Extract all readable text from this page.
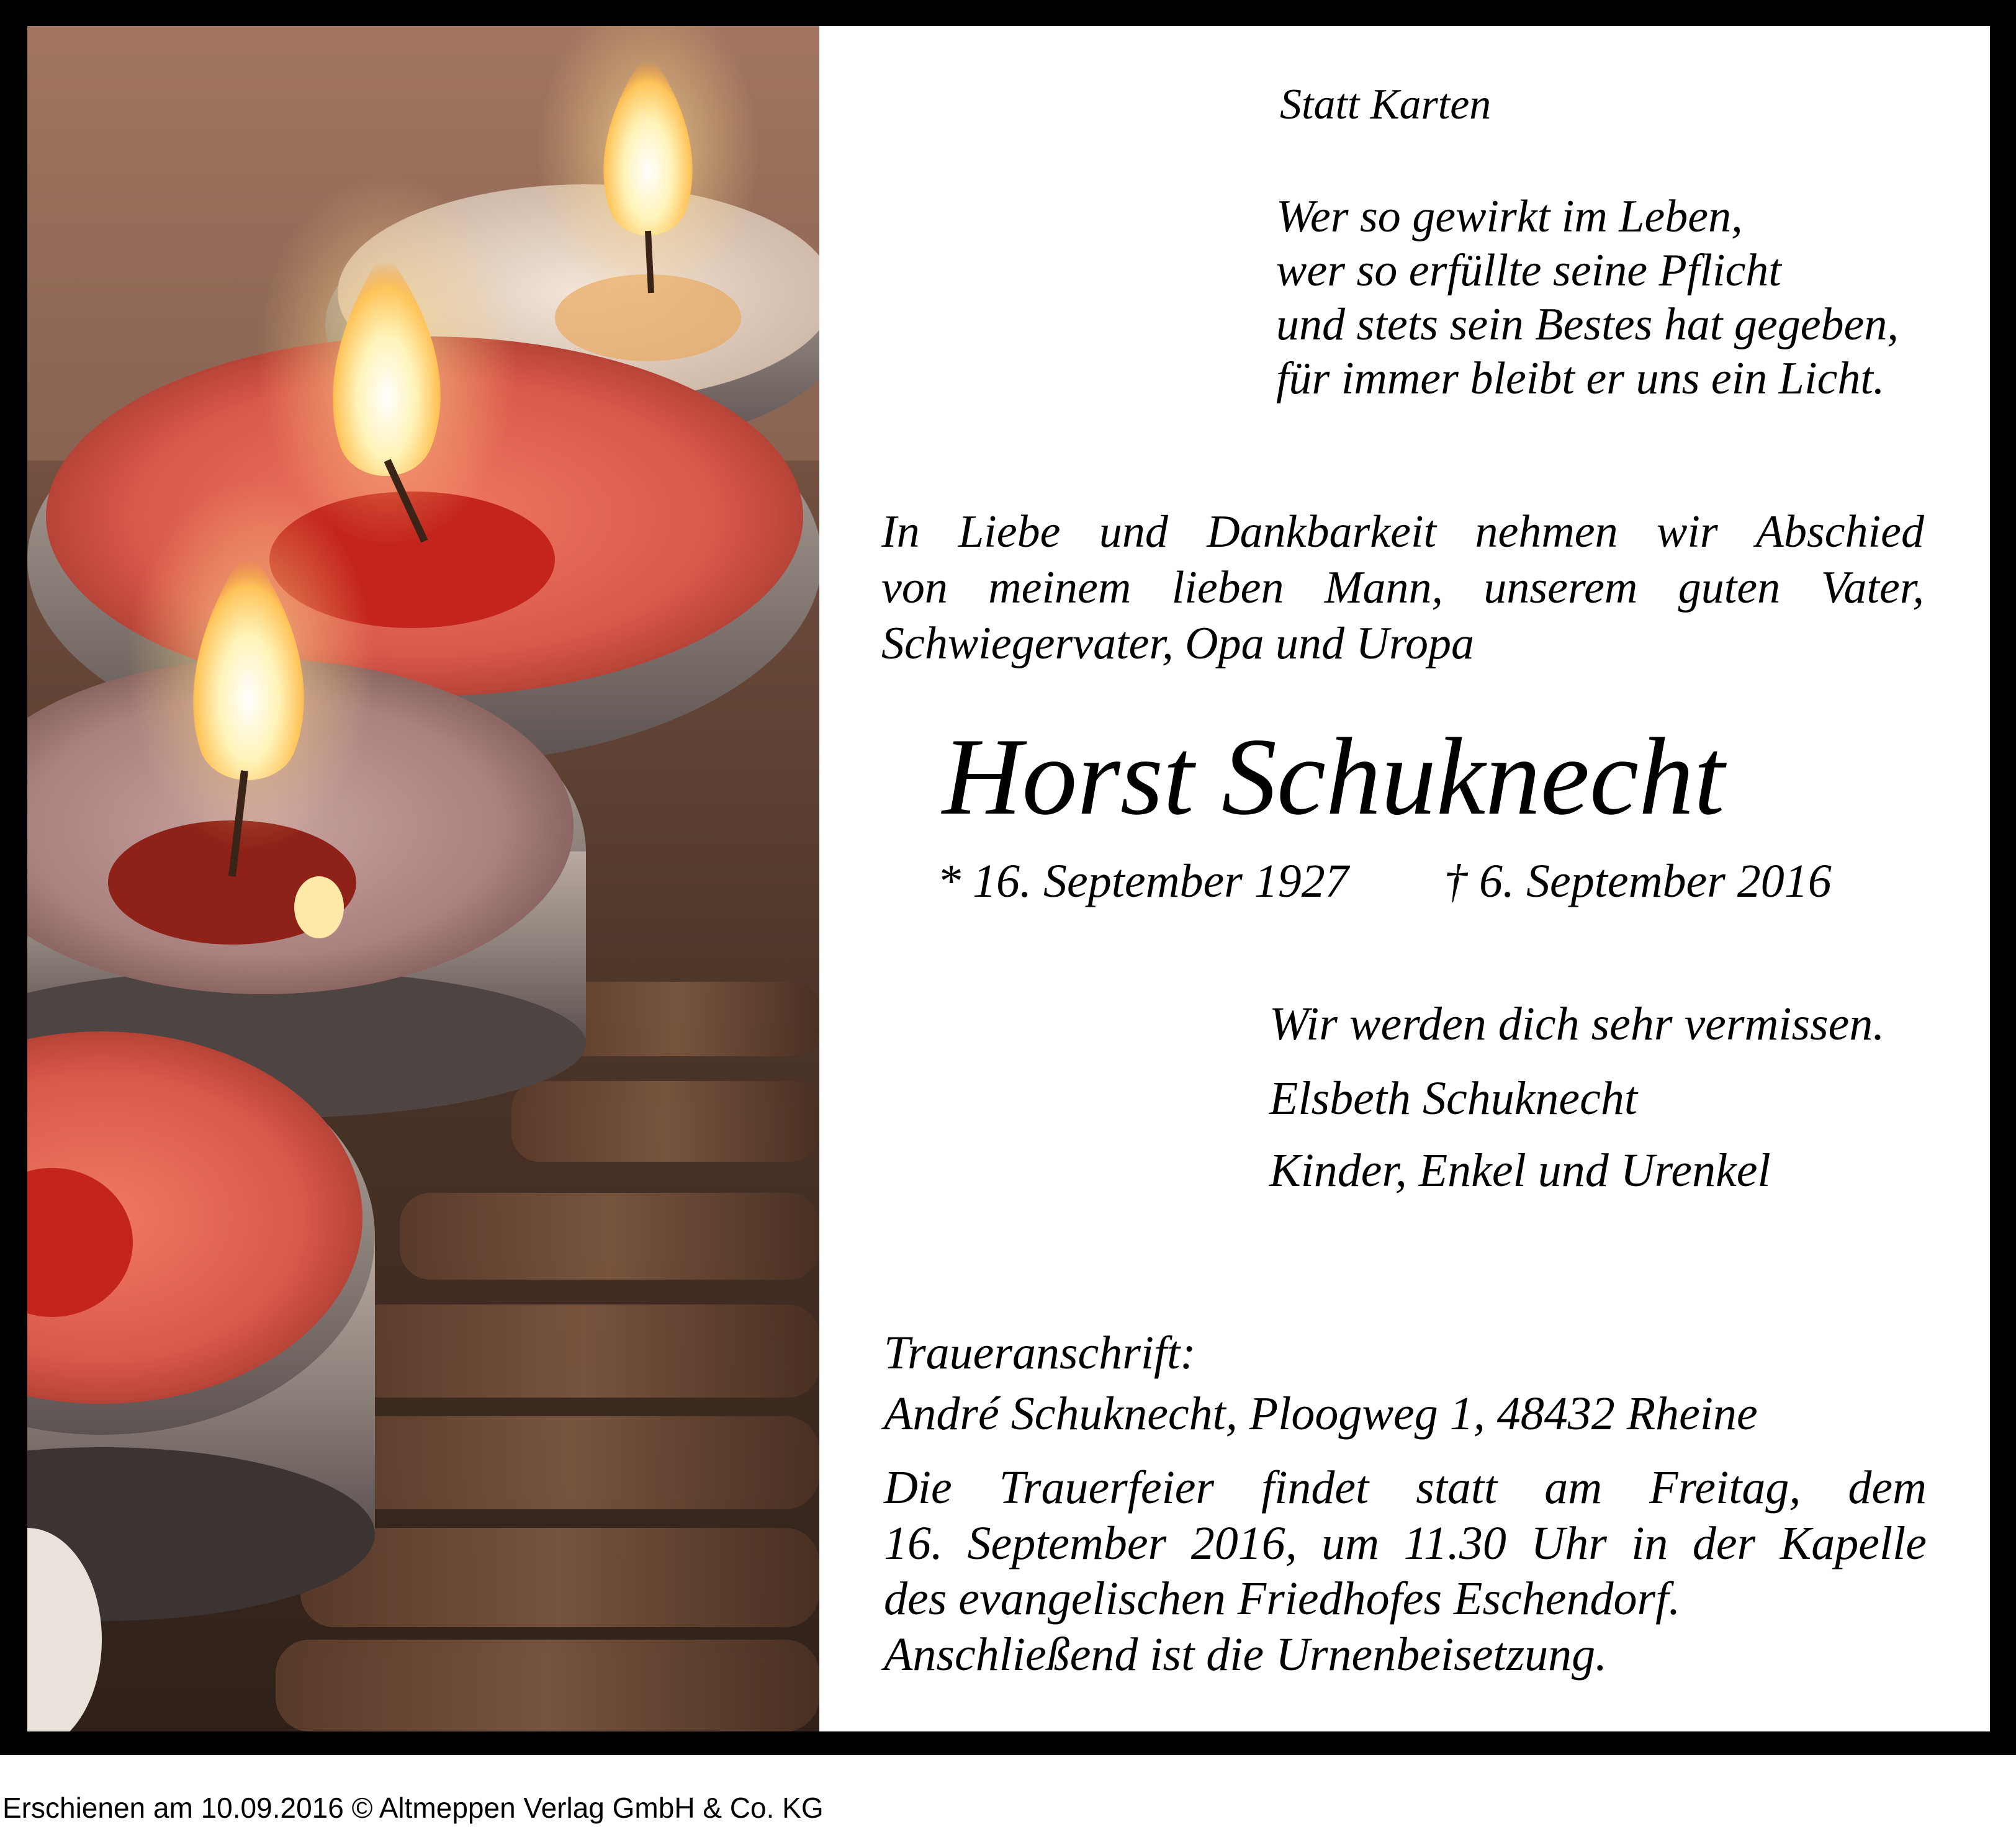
Statt Karten

Wer so gewirkt im Leben,

wer so erfüllte seine Pflicht

und stets sein Bestes hat gegeben,

für immer bleibt er uns ein Licht.

In Liebe und Dankbarkeit nehmen wir Abschied

von meinem lieben Mann, unserem guten Vater,

Schwiegervater, Opa und Uropa

Horst Schuknecht

* 16. September 1927 † 6. September 2016

Wir werden dich sehr vermissen.

Elsbeth Schuknecht

Kinder, Enkel und Urenkel

Traueranschrift:

André Schuknecht, Ploogweg 1, 48432 Rheine

Die Trauerfeier findet statt am Freitag, dem

16. September 2016, um 11.30 Uhr in der Kapelle

des evangelischen Friedhofes Eschendorf.

Anschließend ist die Urnenbeisetzung.

Erschienen am 10.09.2016 © Altmeppen Verlag GmbH & Co. KG
